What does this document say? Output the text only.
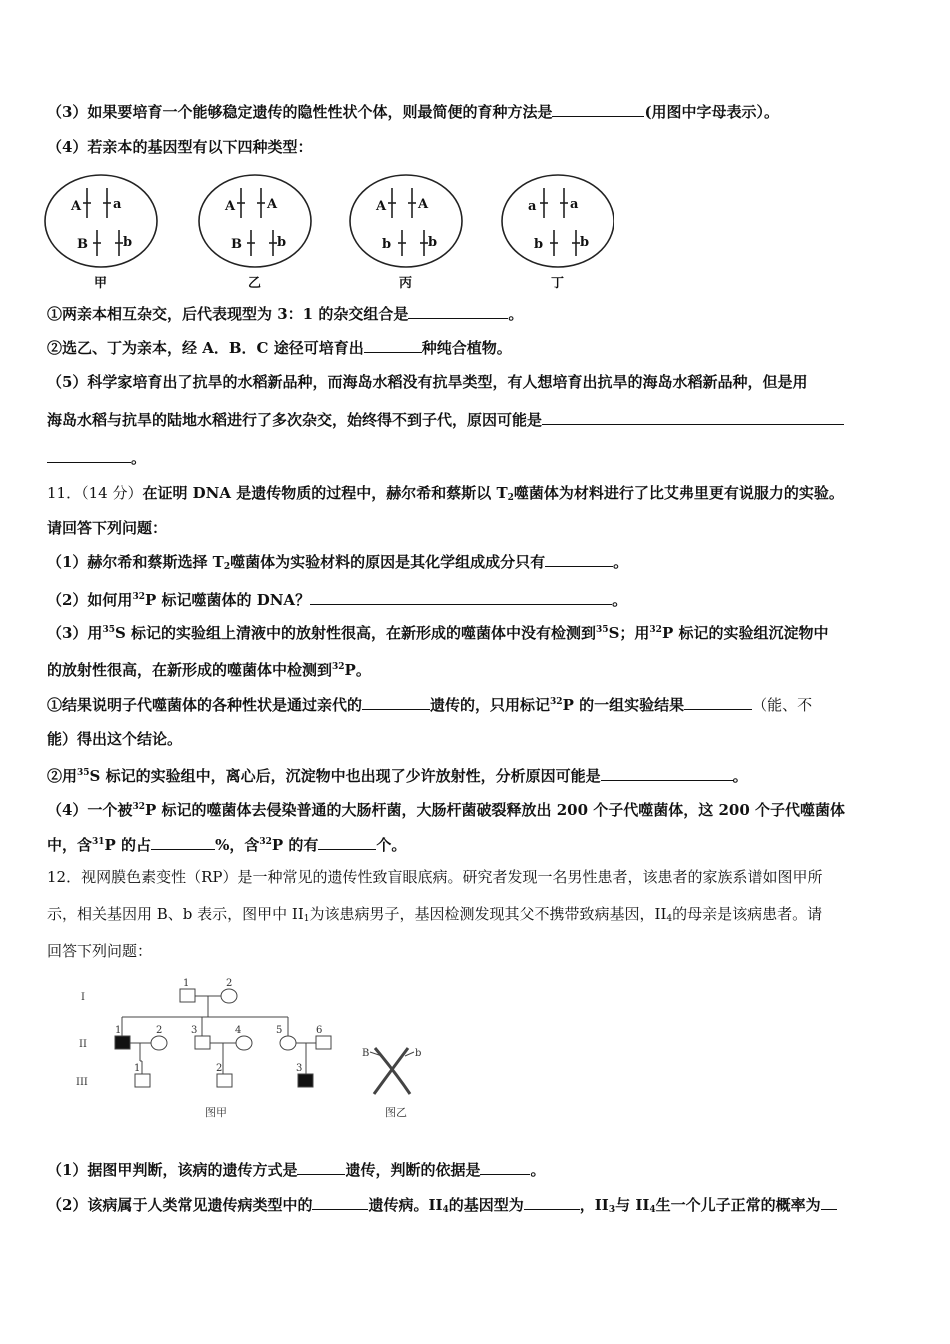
（3）如果要培育一个能够稳定遗传的隐性性状个体，则最简便的育种方法是	(用图中字母表示）。
（4）若亲本的基因型有以下四种类型：
A a
B	b
甲
A A
B	b
乙
A A
b	b
丙
a	a
b	b
丁
①两亲本相互杂交，后代表现型为 3：1 的杂交组合是	。
②选乙、丁为亲本，经 A．B．C 途径可培育出	种纯合植物。
（5）科学家培育出了抗旱的水稻新品种，而海岛水稻没有抗旱类型，有人想培育出抗旱的海岛水稻新品种，但是用
海岛水稻与抗旱的陆地水稻进行了多次杂交，始终得不到子代，原因可能是
。
11．（14 分）在证明 DNA 是遗传物质的过程中，赫尔希和蔡斯以 $T_2$噬菌体为材料进行了比艾弗里更有说服力的实验。
请回答下列问题：
（1）赫尔希和蔡斯选择 $T_2$噬菌体为实验材料的原因是其化学组成成分只有	。
（2）如何用$^{32}$P 标记噬菌体的 DNA？	。
（3）用$^{35}$S 标记的实验组上清液中的放射性很高，在新形成的噬菌体中没有检测到$^{35}$S；用$^{32}$P 标记的实验组沉淀物中
的放射性很高，在新形成的噬菌体中检测到$^{32}$P。
①结果说明子代噬菌体的各种性状是通过亲代的	遗传的，只用标记$^{32}$P 的一组实验结果	（能、不
能）得出这个结论。
②用$^{35}$S 标记的实验组中，离心后，沉淀物中也出现了少许放射性，分析原因可能是	。
（4）一个被$^{32}$P 标记的噬菌体去侵染普通的大肠杆菌，大肠杆菌破裂释放出 200 个子代噬菌体，这 200 个子代噬菌体
中，含$^{31}$P 的占	%，含$^{32}$P 的有	个。
12．视网膜色素变性（RP）是一种常见的遗传性致盲眼底病。研究者发现一名男性患者，该患者的家族系谱如图甲所
示，相关基因用 B、b 表示，图甲中 $II_1$为该患病男子，基因检测发现其父不携带致病基因，$II_4$的母亲是该病患者。请
回答下列问题：
I
II
III
1	2
1	2	3	4	5	6
1	2	3
B	b
图甲	图乙
（1）据图甲判断，该病的遗传方式是	遗传，判断的依据是	。
（2）该病属于人类常见遗传病类型中的	遗传病。$II_4$的基因型为	，$II_3$与 $II_4$生一个儿子正常的概率为
